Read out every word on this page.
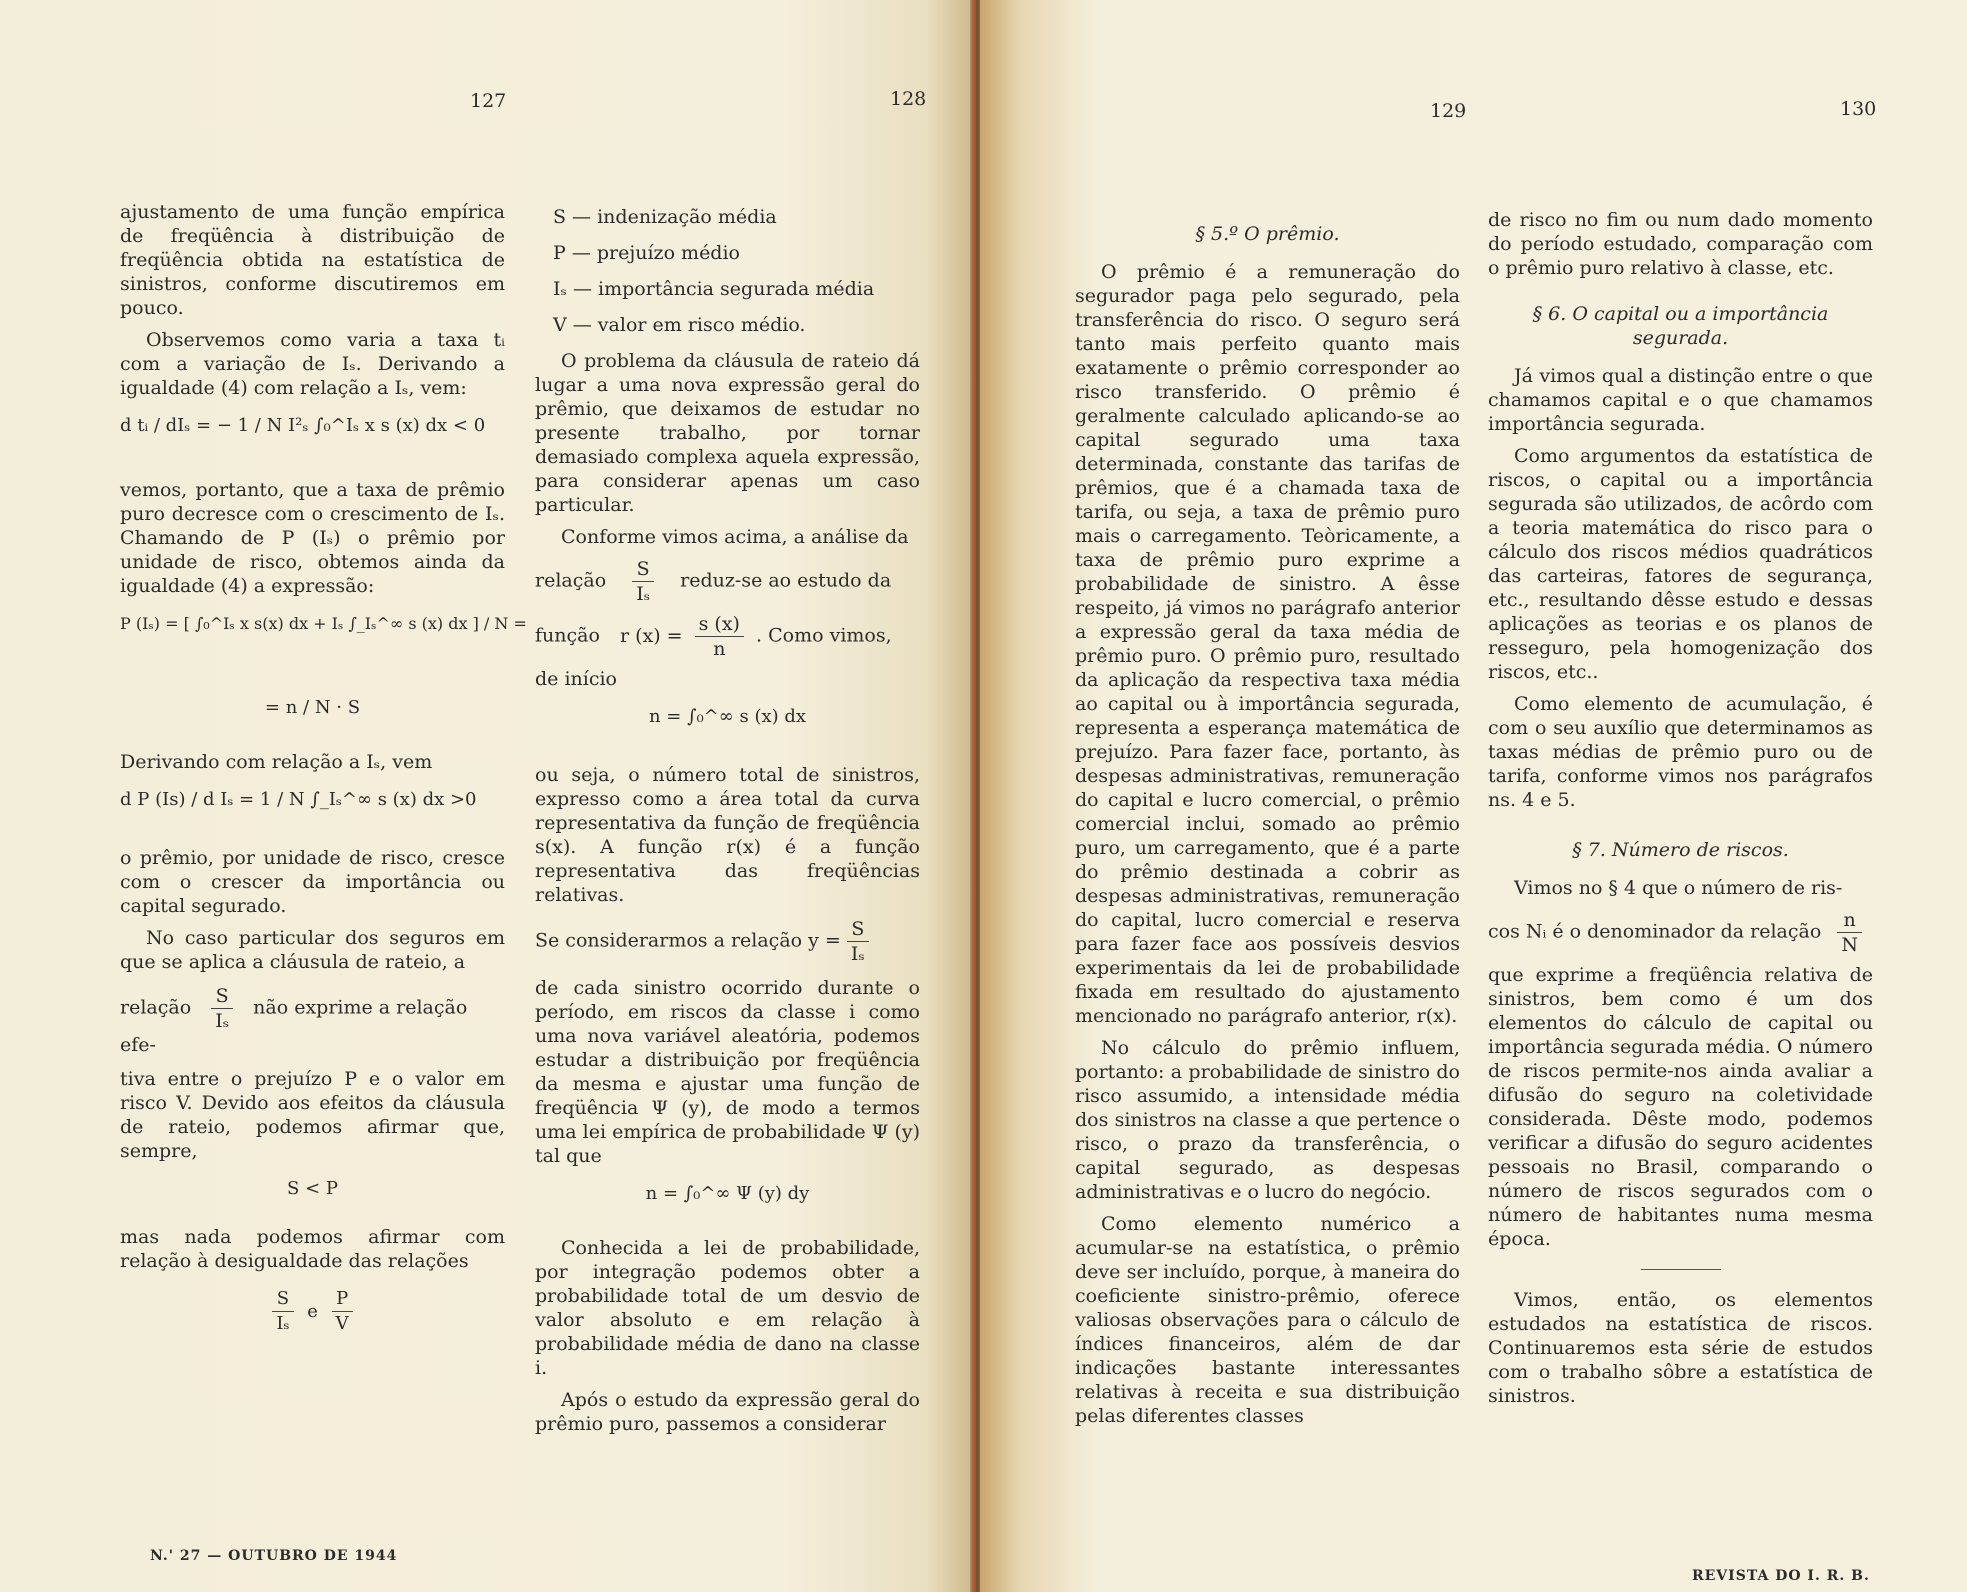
127	128

ajustamento de uma função empírica de freqüência à distribuição de freqüência obtida na estatística de sinistros, conforme discutiremos em pouco.

Observemos como varia a taxa tᵢ com a variação de Iₛ. Derivando a igualdade (4) com relação a Iₛ, vem:

d tᵢ / dIₛ = − 1 / N I²ₛ ∫₀^Iₛ x s (x) dx < 0

vemos, portanto, que a taxa de prêmio puro decresce com o crescimento de Iₛ. Chamando de P (Iₛ) o prêmio por unidade de risco, obtemos ainda da igualdade (4) a expressão:

P (Iₛ) = [ ∫₀^Iₛ x s(x) dx + Iₛ ∫_Iₛ^∞ s (x) dx ] / N =
= n / N · S

Derivando com relação a Iₛ, vem

d P (Is) / d Iₛ = 1 / N ∫_Iₛ^∞ s (x) dx >0

o prêmio, por unidade de risco, cresce com o crescer da importância ou capital segurado.

No caso particular dos seguros em que se aplica a cláusula de rateio, a

relação $\frac{S}{\text{Iₛ}}$ não exprime a relação efe-

tiva entre o prejuízo P e o valor em risco V. Devido aos efeitos da cláusula de rateio, podemos afirmar que, sempre,

S < P

mas nada podemos afirmar com relação à desigualdade das relações

$\frac{S}{\text{Iₛ}}$ e $\frac{P}{V}$
S — indenização média
P — prejuízo médio
Iₛ — importância segurada média
V — valor em risco médio.

O problema da cláusula de rateio dá lugar a uma nova expressão geral do prêmio, que deixamos de estudar no presente trabalho, por tornar demasiado complexa aquela expressão, para considerar apenas um caso particular.

Conforme vimos acima, a análise da

relação $\frac{S}{\text{Iₛ}}$ reduz-se ao estudo da
função r $(x) = \frac{s (x)}{n}$ . Como vimos,

de início

n = ∫₀^∞ s (x) dx

ou seja, o número total de sinistros, expresso como a área total da curva representativa da função de freqüência s(x). A função r(x) é a função representativa das freqüências relativas.

Se considerarmos a relação $y = \frac{S}{\text{Iₛ}}$

de cada sinistro ocorrido durante o período, em riscos da classe i como uma nova variável aleatória, podemos estudar a distribuição por freqüência da mesma e ajustar uma função de freqüência Ψ (y), de modo a termos uma lei empírica de probabilidade Ψ (y) tal que

n = ∫₀^∞ Ψ (y) dy

Conhecida a lei de probabilidade, por integração podemos obter a probabilidade total de um desvio de valor absoluto e em relação à probabilidade média de dano na classe i.

Após o estudo da expressão geral do prêmio puro, passemos a considerar

N.' 27 — OUTUBRO DE 1944
129	130
§ 5.º O prêmio.

O prêmio é a remuneração do segurador paga pelo segurado, pela transferência do risco. O seguro será tanto mais perfeito quanto mais exatamente o prêmio corresponder ao risco transferido. O prêmio é geralmente calculado aplicando-se ao capital segurado uma taxa determinada, constante das tarifas de prêmios, que é a chamada taxa de tarifa, ou seja, a taxa de prêmio puro mais o carregamento. Teòricamente, a taxa de prêmio puro exprime a probabilidade de sinistro. A êsse respeito, já vimos no parágrafo anterior a expressão geral da taxa média de prêmio puro. O prêmio puro, resultado da aplicação da respectiva taxa média ao capital ou à importância segurada, representa a esperança matemática de prejuízo. Para fazer face, portanto, às despesas administrativas, remuneração do capital e lucro comercial, o prêmio comercial inclui, somado ao prêmio puro, um carregamento, que é a parte do prêmio destinada a cobrir as despesas administrativas, remuneração do capital, lucro comercial e reserva para fazer face aos possíveis desvios experimentais da lei de probabilidade fixada em resultado do ajustamento mencionado no parágrafo anterior, r(x).

No cálculo do prêmio influem, portanto: a probabilidade de sinistro do risco assumido, a intensidade média dos sinistros na classe a que pertence o risco, o prazo da transferência, o capital segurado, as despesas administrativas e o lucro do negócio.

Como elemento numérico a acumular-se na estatística, o prêmio deve ser incluído, porque, à maneira do coeficiente sinistro-prêmio, oferece valiosas observações para o cálculo de índices financeiros, além de dar indicações bastante interessantes relativas à receita e sua distribuição pelas diferentes classes

de risco no fim ou num dado momento do período estudado, comparação com o prêmio puro relativo à classe, etc.

§ 6. O capital ou a importância segurada.

Já vimos qual a distinção entre o que chamamos capital e o que chamamos importância segurada.

Como argumentos da estatística de riscos, o capital ou a importância segurada são utilizados, de acôrdo com a teoria matemática do risco para o cálculo dos riscos médios quadráticos das carteiras, fatores de segurança, etc., resultando dêsse estudo e dessas aplicações as teorias e os planos de resseguro, pela homogenização dos riscos, etc..

Como elemento de acumulação, é com o seu auxílio que determinamos as taxas médias de prêmio puro ou de tarifa, conforme vimos nos parágrafos ns. 4 e 5.

§ 7. Número de riscos.

Vimos no § 4 que o número de ris-

cos Nᵢ é o denominador da relação $\frac{n}{N}$

que exprime a freqüência relativa de sinistros, bem como é um dos elementos do cálculo de capital ou importância segurada média. O número de riscos permite-nos ainda avaliar a difusão do seguro na coletividade considerada. Dêste modo, podemos verificar a difusão do seguro acidentes pessoais no Brasil, comparando o número de riscos segurados com o número de habitantes numa mesma época.

Vimos, então, os elementos estudados na estatística de riscos. Continuaremos esta série de estudos com o trabalho sôbre a estatística de sinistros.

REVISTA DO I. R. B.
